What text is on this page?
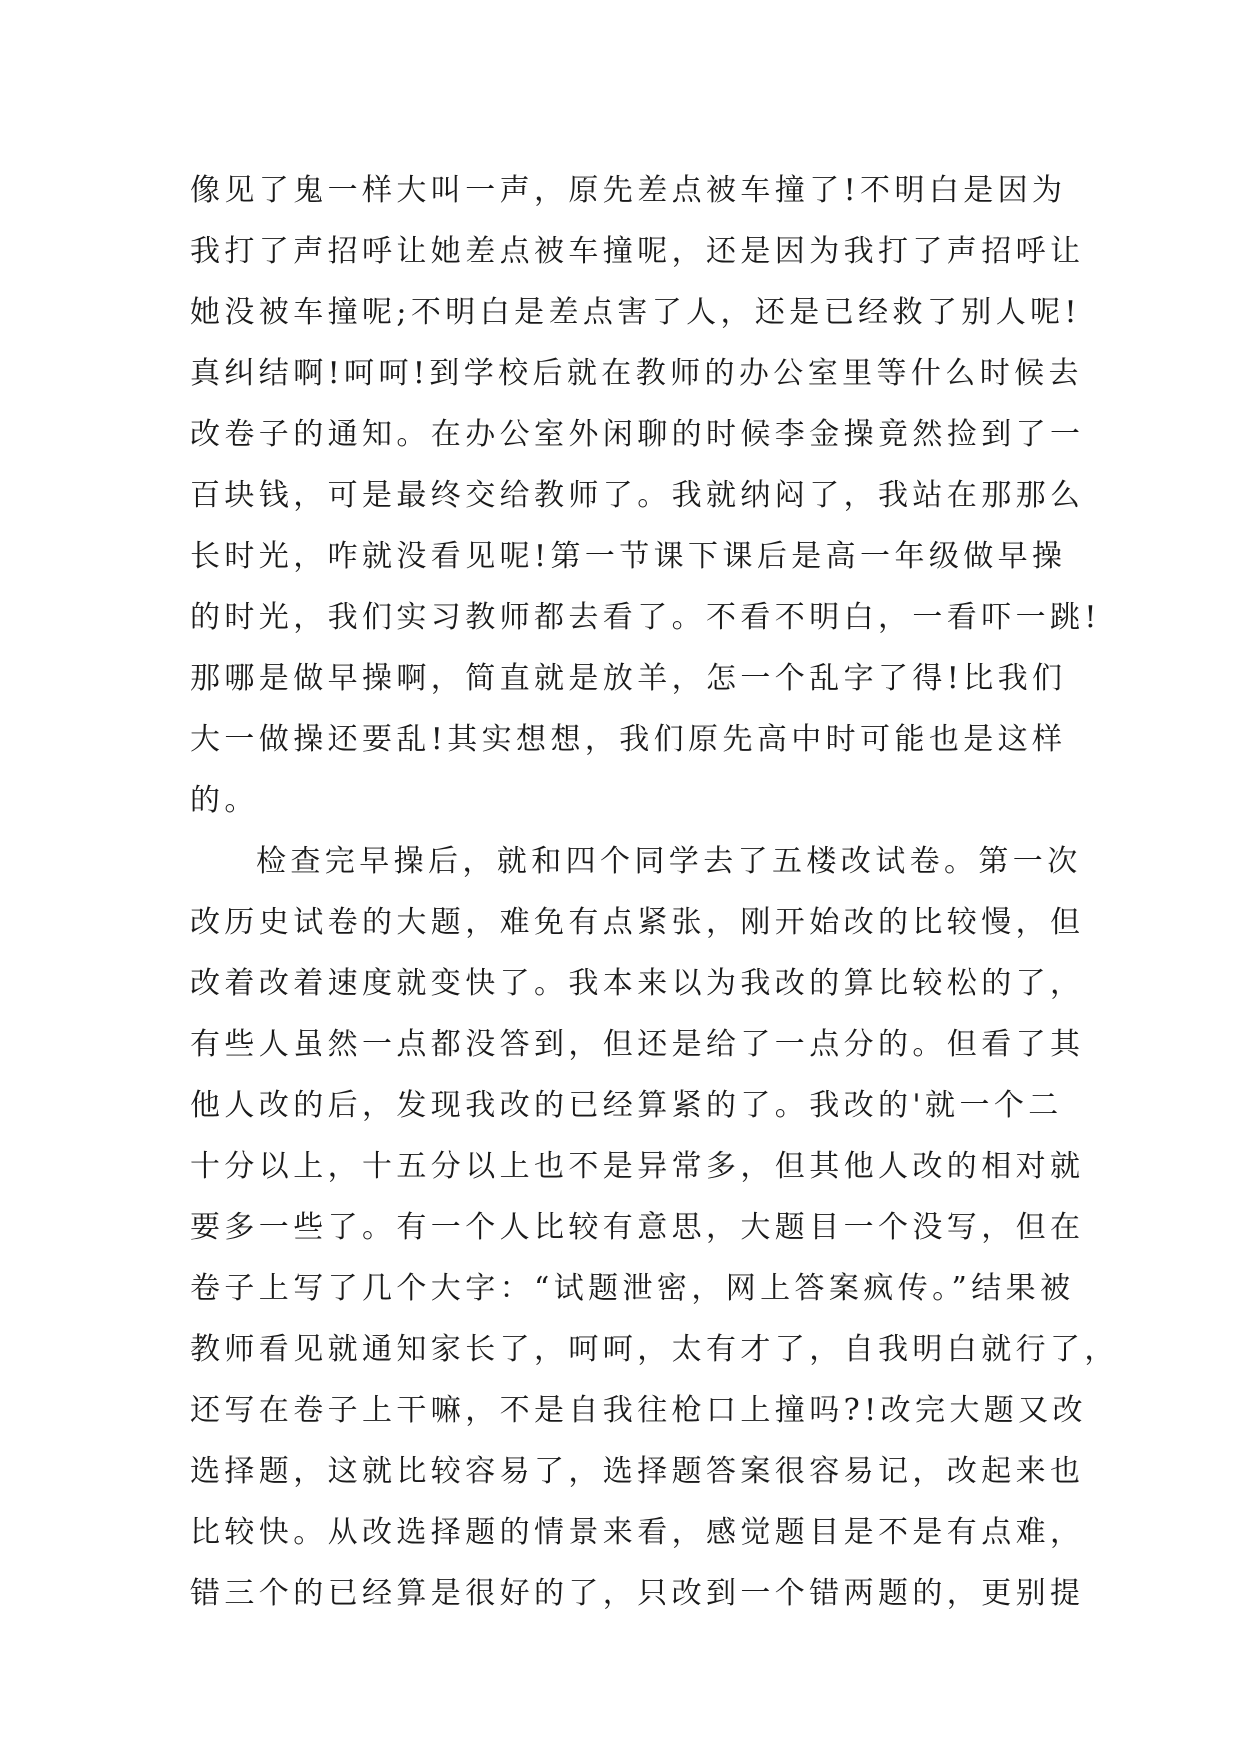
像见了鬼一样大叫一声，原先差点被车撞了!不明白是因为
我打了声招呼让她差点被车撞呢，还是因为我打了声招呼让
她没被车撞呢;不明白是差点害了人，还是已经救了别人呢!
真纠结啊!呵呵!到学校后就在教师的办公室里等什么时候去
改卷子的通知。在办公室外闲聊的时候李金操竟然捡到了一
百块钱，可是最终交给教师了。我就纳闷了，我站在那那么
长时光，咋就没看见呢!第一节课下课后是高一年级做早操
的时光，我们实习教师都去看了。不看不明白，一看吓一跳!
那哪是做早操啊，简直就是放羊，怎一个乱字了得!比我们
大一做操还要乱!其实想想，我们原先高中时可能也是这样
的。
检查完早操后，就和四个同学去了五楼改试卷。第一次
改历史试卷的大题，难免有点紧张，刚开始改的比较慢，但
改着改着速度就变快了。我本来以为我改的算比较松的了，
有些人虽然一点都没答到，但还是给了一点分的。但看了其
他人改的后，发现我改的已经算紧的了。我改的'就一个二
十分以上，十五分以上也不是异常多，但其他人改的相对就
要多一些了。有一个人比较有意思，大题目一个没写，但在
卷子上写了几个大字：“试题泄密，网上答案疯传。”结果被
教师看见就通知家长了，呵呵，太有才了，自我明白就行了，
还写在卷子上干嘛，不是自我往枪口上撞吗?!改完大题又改
选择题，这就比较容易了，选择题答案很容易记，改起来也
比较快。从改选择题的情景来看，感觉题目是不是有点难，
错三个的已经算是很好的了，只改到一个错两题的，更别提
